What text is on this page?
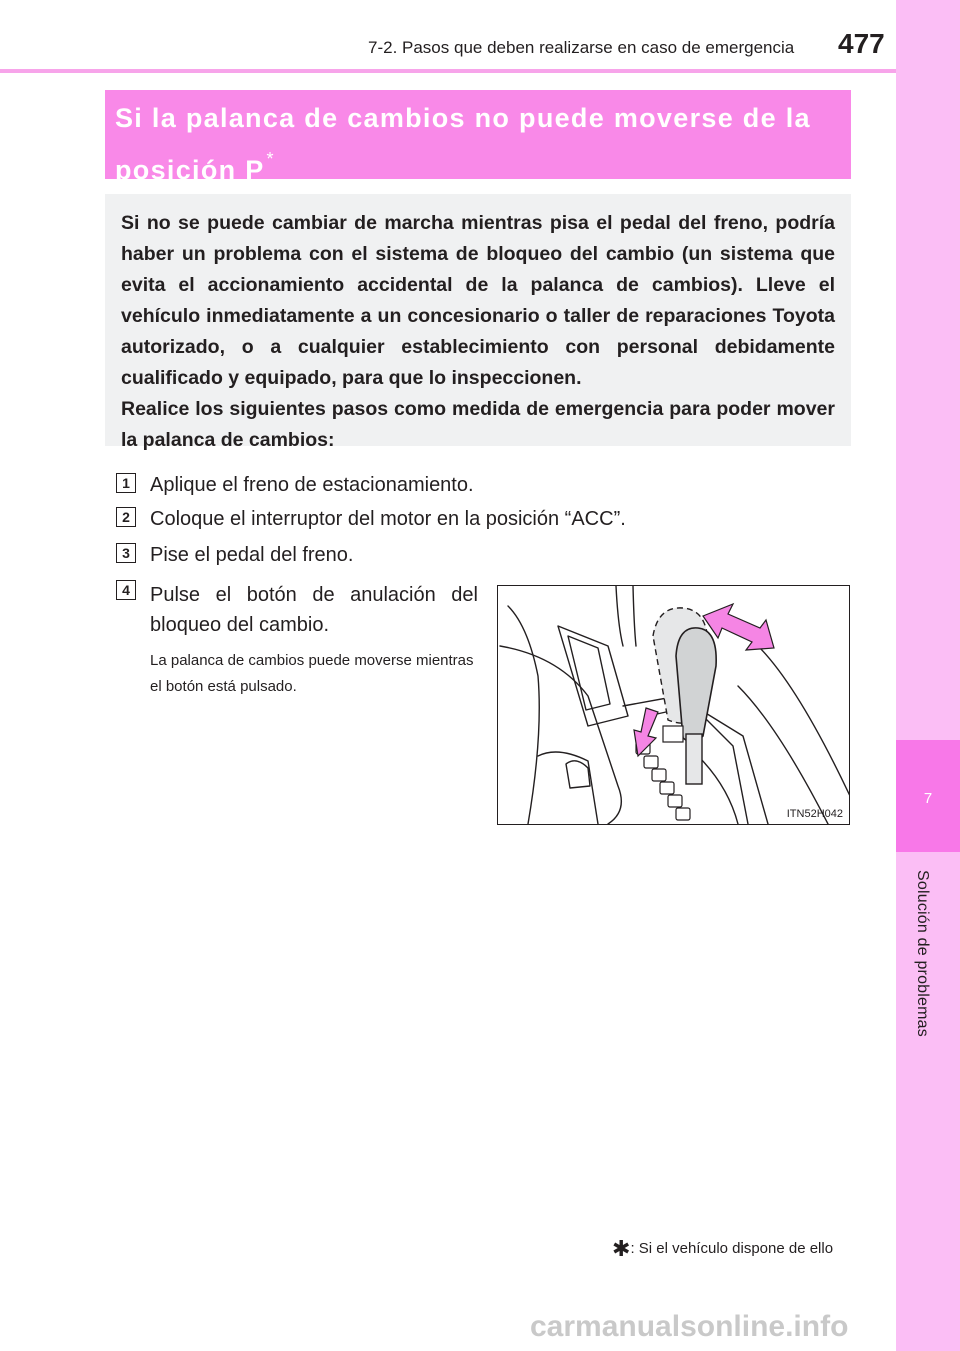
7-2. Pasos que deben realizarse en caso de emergencia 477
7
Solución de problemas
Si la palanca de cambios no puede moverse de la posición P *

Si no se puede cambiar de marcha mientras pisa el pedal del freno, podría haber un problema con el sistema de bloqueo del cambio (un sistema que evita el accionamiento accidental de la palanca de cambios). Lleve el vehículo inmediatamente a un concesionario o taller de reparaciones Toyota autorizado, o a cualquier establecimiento con personal debidamente cualificado y equipado, para que lo inspeccionen.

Realice los siguientes pasos como medida de emergencia para poder mover la palanca de cambios:

1	Aplique el freno de estacionamiento.
2	Coloque el interruptor del motor en la posición “ACC”.
3	Pise el pedal del freno.
4	Pulse el botón de anulación del bloqueo del cambio.
La palanca de cambios puede moverse mientras el botón está pulsado.
ITN52H042
✱: Si el vehículo dispone de ello
carmanualsonline.info
